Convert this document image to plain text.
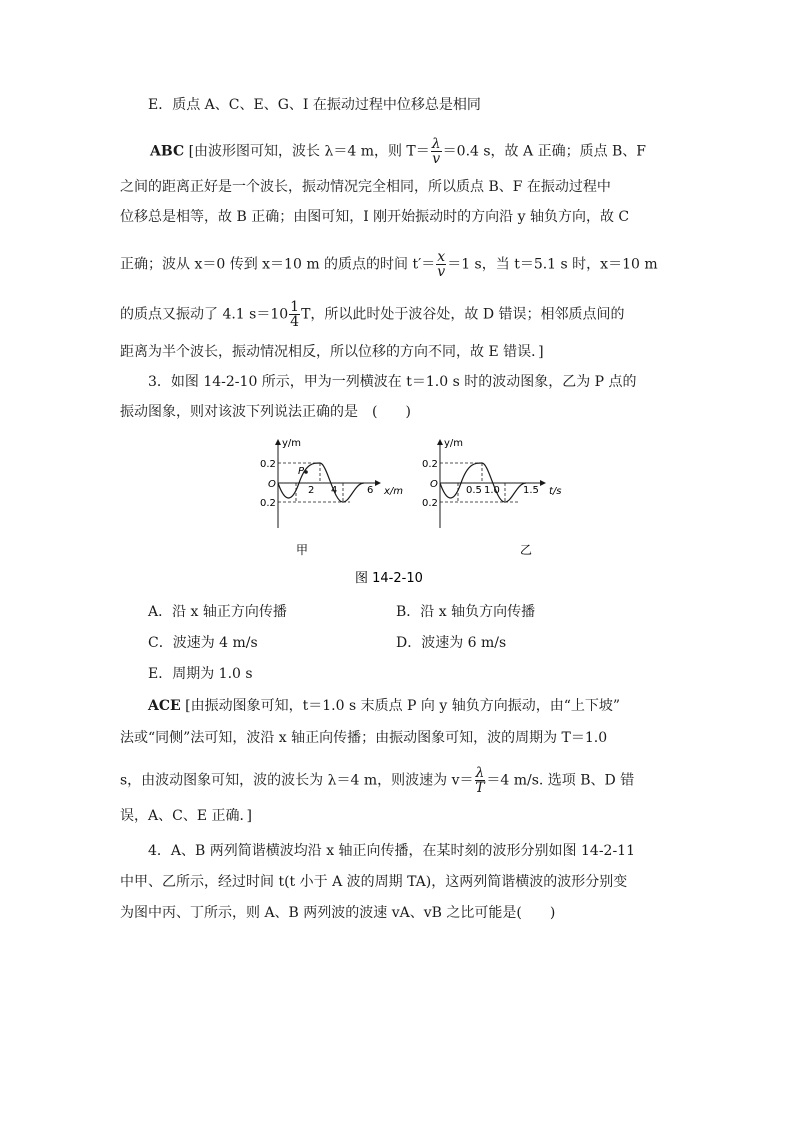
E．质点 A、C、E、G、I 在振动过程中位移总是相同
ABC [由波形图可知，波长 λ＝4 m，则 $T= \frac{\lambda}{v} =0.4$ s，故 A 正确；质点 B、F
之间的距离正好是一个波长，振动情况完全相同，所以质点 B、F 在振动过程中
位移总是相等，故 B 正确；由图可知，I 刚开始振动时的方向沿 y 轴负方向，故 C
正确；波从 x＝0 传到 x＝10 m 的质点的时间 $t'= \frac{x}{v} =1$ s，当 t＝5.1 s 时，x＝10 m
的质点又振动了 4.1 $s=10 \frac{1}{4}$ T，所以此时处于波谷处，故 D 错误；相邻质点间的
距离为半个波长，振动情况相反，所以位移的方向不同，故 E 错误．]
3．如图 14-2-10 所示，甲为一列横波在 t＝1.0 s 时的波动图象，乙为 P 点的
振动图象，则对该波下列说法正确的是　(　　)
y/m
x/m
0.2
O
0.2
P
2 4	6
甲
y/m
t/s
0.2
O
0.2
0.5 1.0 1.5
乙
图 14-2-10
A．沿 x 轴正方向传播	B．沿 x 轴负方向传播
C．波速为 4 m/s	D．波速为 6 m/s
E．周期为 1.0 s
ACE [由振动图象可知，t＝1.0 s 末质点 P 向 y 轴负方向振动，由“上下坡”
法或“同侧”法可知，波沿 x 轴正向传播；由振动图象可知，波的周期为 T＝1.0
s，由波动图象可知，波的波长为 λ＝4 m，则波速为 $v= \frac{\lambda}{T} =4$ m/s. 选项 B、D 错
误，A、C、E 正确．]
4．A、B 两列简谐横波均沿 x 轴正向传播，在某时刻的波形分别如图 14-2-11
中甲、乙所示，经过时间 t(t 小于 A 波的周期 TA)，这两列简谐横波的波形分别变
为图中丙、丁所示，则 A、B 两列波的波速 vA、vB 之比可能是(　　)
